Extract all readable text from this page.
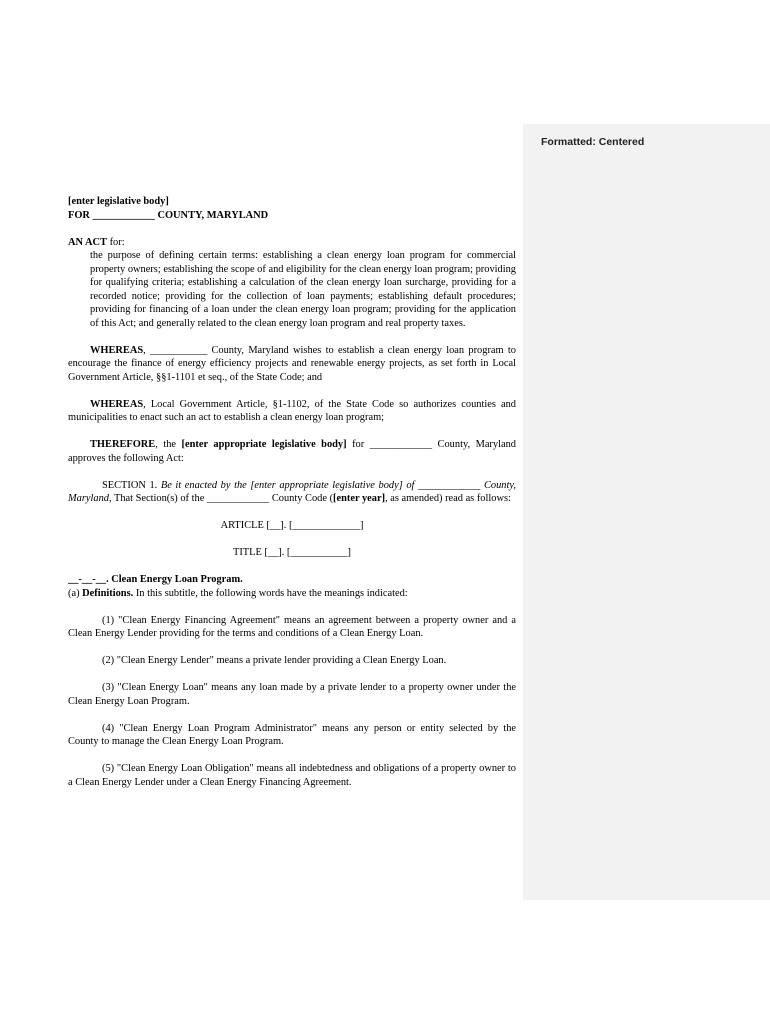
Formatted: Centered

[enter legislative body]

FOR ____________ COUNTY, MARYLAND

AN ACT for:

the purpose of defining certain terms: establishing a clean energy loan program for commercial property owners; establishing the scope of and eligibility for the clean energy loan program; providing for qualifying criteria; establishing a calculation of the clean energy loan surcharge, providing for a recorded notice; providing for the collection of loan payments; establishing default procedures; providing for financing of a loan under the clean energy loan program; providing for the application of this Act; and generally related to the clean energy loan program and real property taxes.

WHEREAS, ___________ County, Maryland wishes to establish a clean energy loan program to encourage the finance of energy efficiency projects and renewable energy projects, as set forth in Local Government Article, §§1-1101 et seq., of the State Code; and

WHEREAS, Local Government Article, §1-1102, of the State Code so authorizes counties and municipalities to enact such an act to establish a clean energy loan program;

THEREFORE, the [enter appropriate legislative body] for ____________ County, Maryland approves the following Act:

SECTION 1. Be it enacted by the [enter appropriate legislative body] of ____________ County, Maryland, That Section(s) of the ____________ County Code ([enter year], as amended) read as follows:

ARTICLE [__]. [_____________]

TITLE [__]. [___________]

__-__-__. Clean Energy Loan Program.

(a) Definitions. In this subtitle, the following words have the meanings indicated:

(1) "Clean Energy Financing Agreement" means an agreement between a property owner and a Clean Energy Lender providing for the terms and conditions of a Clean Energy Loan.

(2) "Clean Energy Lender" means a private lender providing a Clean Energy Loan.

(3) "Clean Energy Loan" means any loan made by a private lender to a property owner under the Clean Energy Loan Program.

(4) "Clean Energy Loan Program Administrator" means any person or entity selected by the County to manage the Clean Energy Loan Program.

(5) "Clean Energy Loan Obligation" means all indebtedness and obligations of a property owner to a Clean Energy Lender under a Clean Energy Financing Agreement.
